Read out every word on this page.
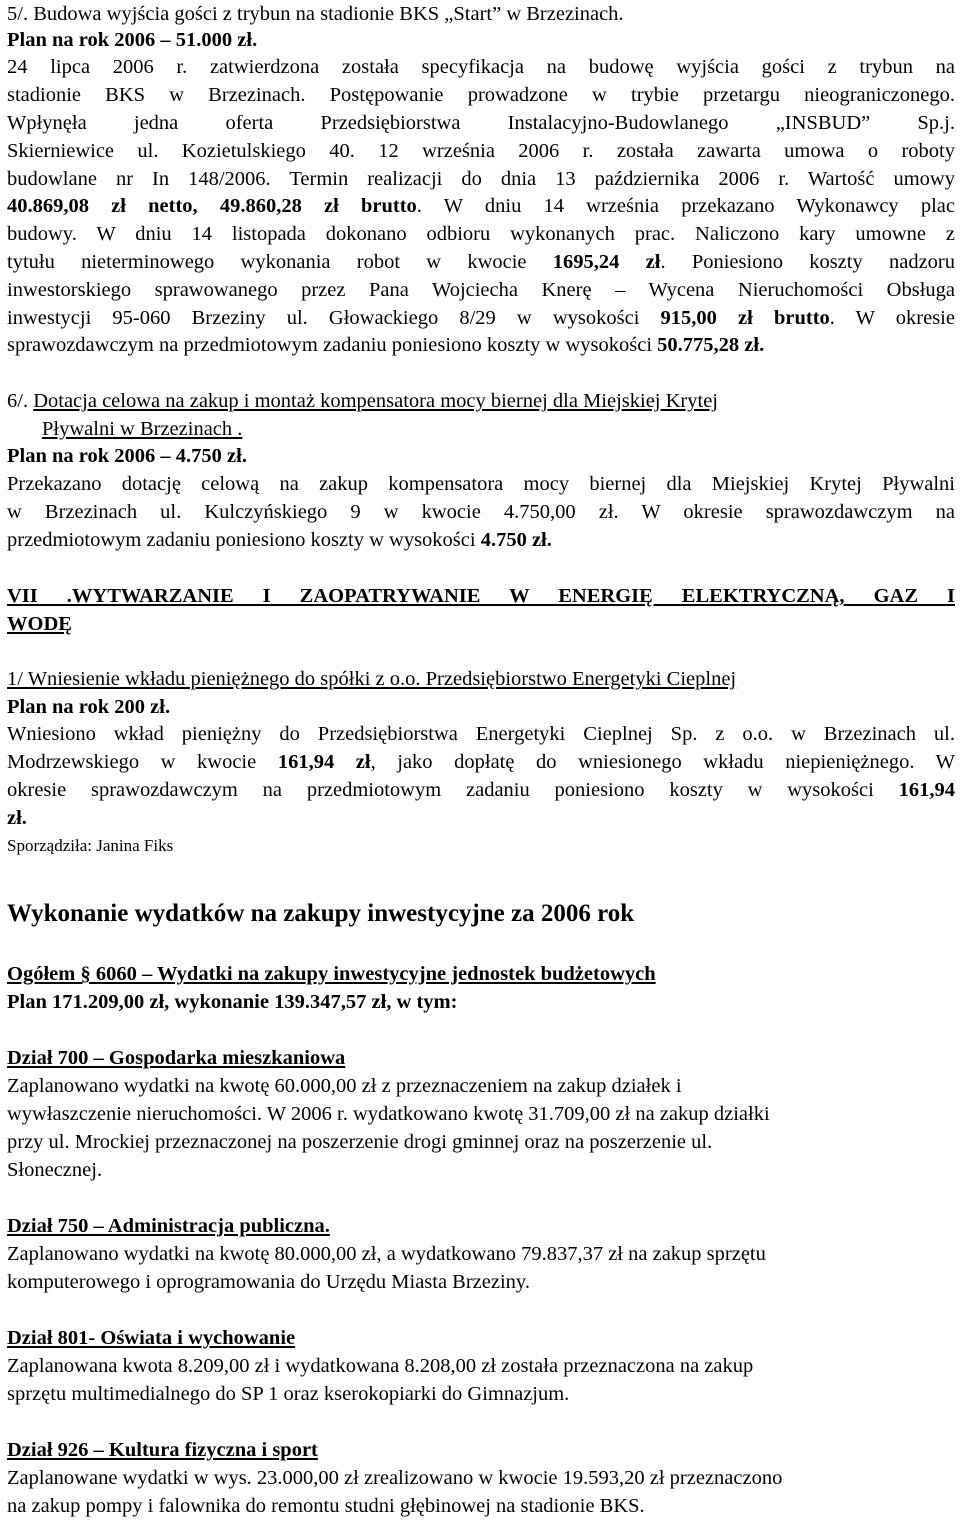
5/. Budowa wyjścia gości z trybun na stadionie BKS „Start” w Brzezinach.
Plan na rok 2006 – 51.000 zł.
24 lipca 2006 r. zatwierdzona została specyfikacja na budowę wyjścia gości z trybun na
stadionie BKS w Brzezinach. Postępowanie prowadzone w trybie przetargu nieograniczonego.
Wpłynęła jedna oferta Przedsiębiorstwa Instalacyjno-Budowlanego „INSBUD” Sp.j.
Skierniewice ul. Kozietulskiego 40. 12 września 2006 r. została zawarta umowa o roboty
budowlane nr In 148/2006. Termin realizacji do dnia 13 października 2006 r. Wartość umowy
40.869,08 zł netto, 49.860,28 zł brutto. W dniu 14 września przekazano Wykonawcy plac
budowy. W dniu 14 listopada dokonano odbioru wykonanych prac. Naliczono kary umowne z
tytułu nieterminowego wykonania robot w kwocie 1695,24 zł. Poniesiono koszty nadzoru
inwestorskiego sprawowanego przez Pana Wojciecha Knerę – Wycena Nieruchomości Obsługa
inwestycji 95-060 Brzeziny ul. Głowackiego 8/29 w wysokości 915,00 zł brutto. W okresie
sprawozdawczym na przedmiotowym zadaniu poniesiono koszty w wysokości 50.775,28 zł.
6/. Dotacja celowa na zakup i montaż kompensatora mocy biernej dla Miejskiej Krytej
Pływalni w Brzezinach .
Plan na rok 2006 – 4.750 zł.
Przekazano dotację celową na zakup kompensatora mocy biernej dla Miejskiej Krytej Pływalni
w Brzezinach ul. Kulczyńskiego 9 w kwocie 4.750,00 zł. W okresie sprawozdawczym na
przedmiotowym zadaniu poniesiono koszty w wysokości 4.750 zł.
VII .WYTWARZANIE I ZAOPATRYWANIE W ENERGIĘ ELEKTRYCZNĄ, GAZ I
WODĘ
1/ Wniesienie wkładu pieniężnego do spółki z o.o. Przedsiębiorstwo Energetyki Cieplnej
Plan na rok 200 zł.
Wniesiono wkład pieniężny do Przedsiębiorstwa Energetyki Cieplnej Sp. z o.o. w Brzezinach ul.
Modrzewskiego w kwocie 161,94 zł, jako dopłatę do wniesionego wkładu niepieniężnego. W
okresie sprawozdawczym na przedmiotowym zadaniu poniesiono koszty w wysokości 161,94
zł.
Sporządziła: Janina Fiks
Wykonanie wydatków na zakupy inwestycyjne za 2006 rok
Ogółem § 6060 – Wydatki na zakupy inwestycyjne jednostek budżetowych
Plan 171.209,00 zł, wykonanie 139.347,57 zł, w tym:
Dział 700 – Gospodarka mieszkaniowa
Zaplanowano wydatki na kwotę 60.000,00 zł z przeznaczeniem na zakup działek i
wywłaszczenie nieruchomości. W 2006 r. wydatkowano kwotę 31.709,00 zł na zakup działki
przy ul. Mrockiej przeznaczonej na poszerzenie drogi gminnej oraz na poszerzenie ul.
Słonecznej.
Dział 750 – Administracja publiczna.
Zaplanowano wydatki na kwotę 80.000,00 zł, a wydatkowano 79.837,37 zł na zakup sprzętu
komputerowego i oprogramowania do Urzędu Miasta Brzeziny.
Dział 801- Oświata i wychowanie
Zaplanowana kwota 8.209,00 zł i wydatkowana 8.208,00 zł została przeznaczona na zakup
sprzętu multimedialnego do SP 1 oraz kserokopiarki do Gimnazjum.
Dział 926 – Kultura fizyczna i sport
Zaplanowane wydatki w wys. 23.000,00 zł zrealizowano w kwocie 19.593,20 zł przeznaczono
na zakup pompy i falownika do remontu studni głębinowej na stadionie BKS.
